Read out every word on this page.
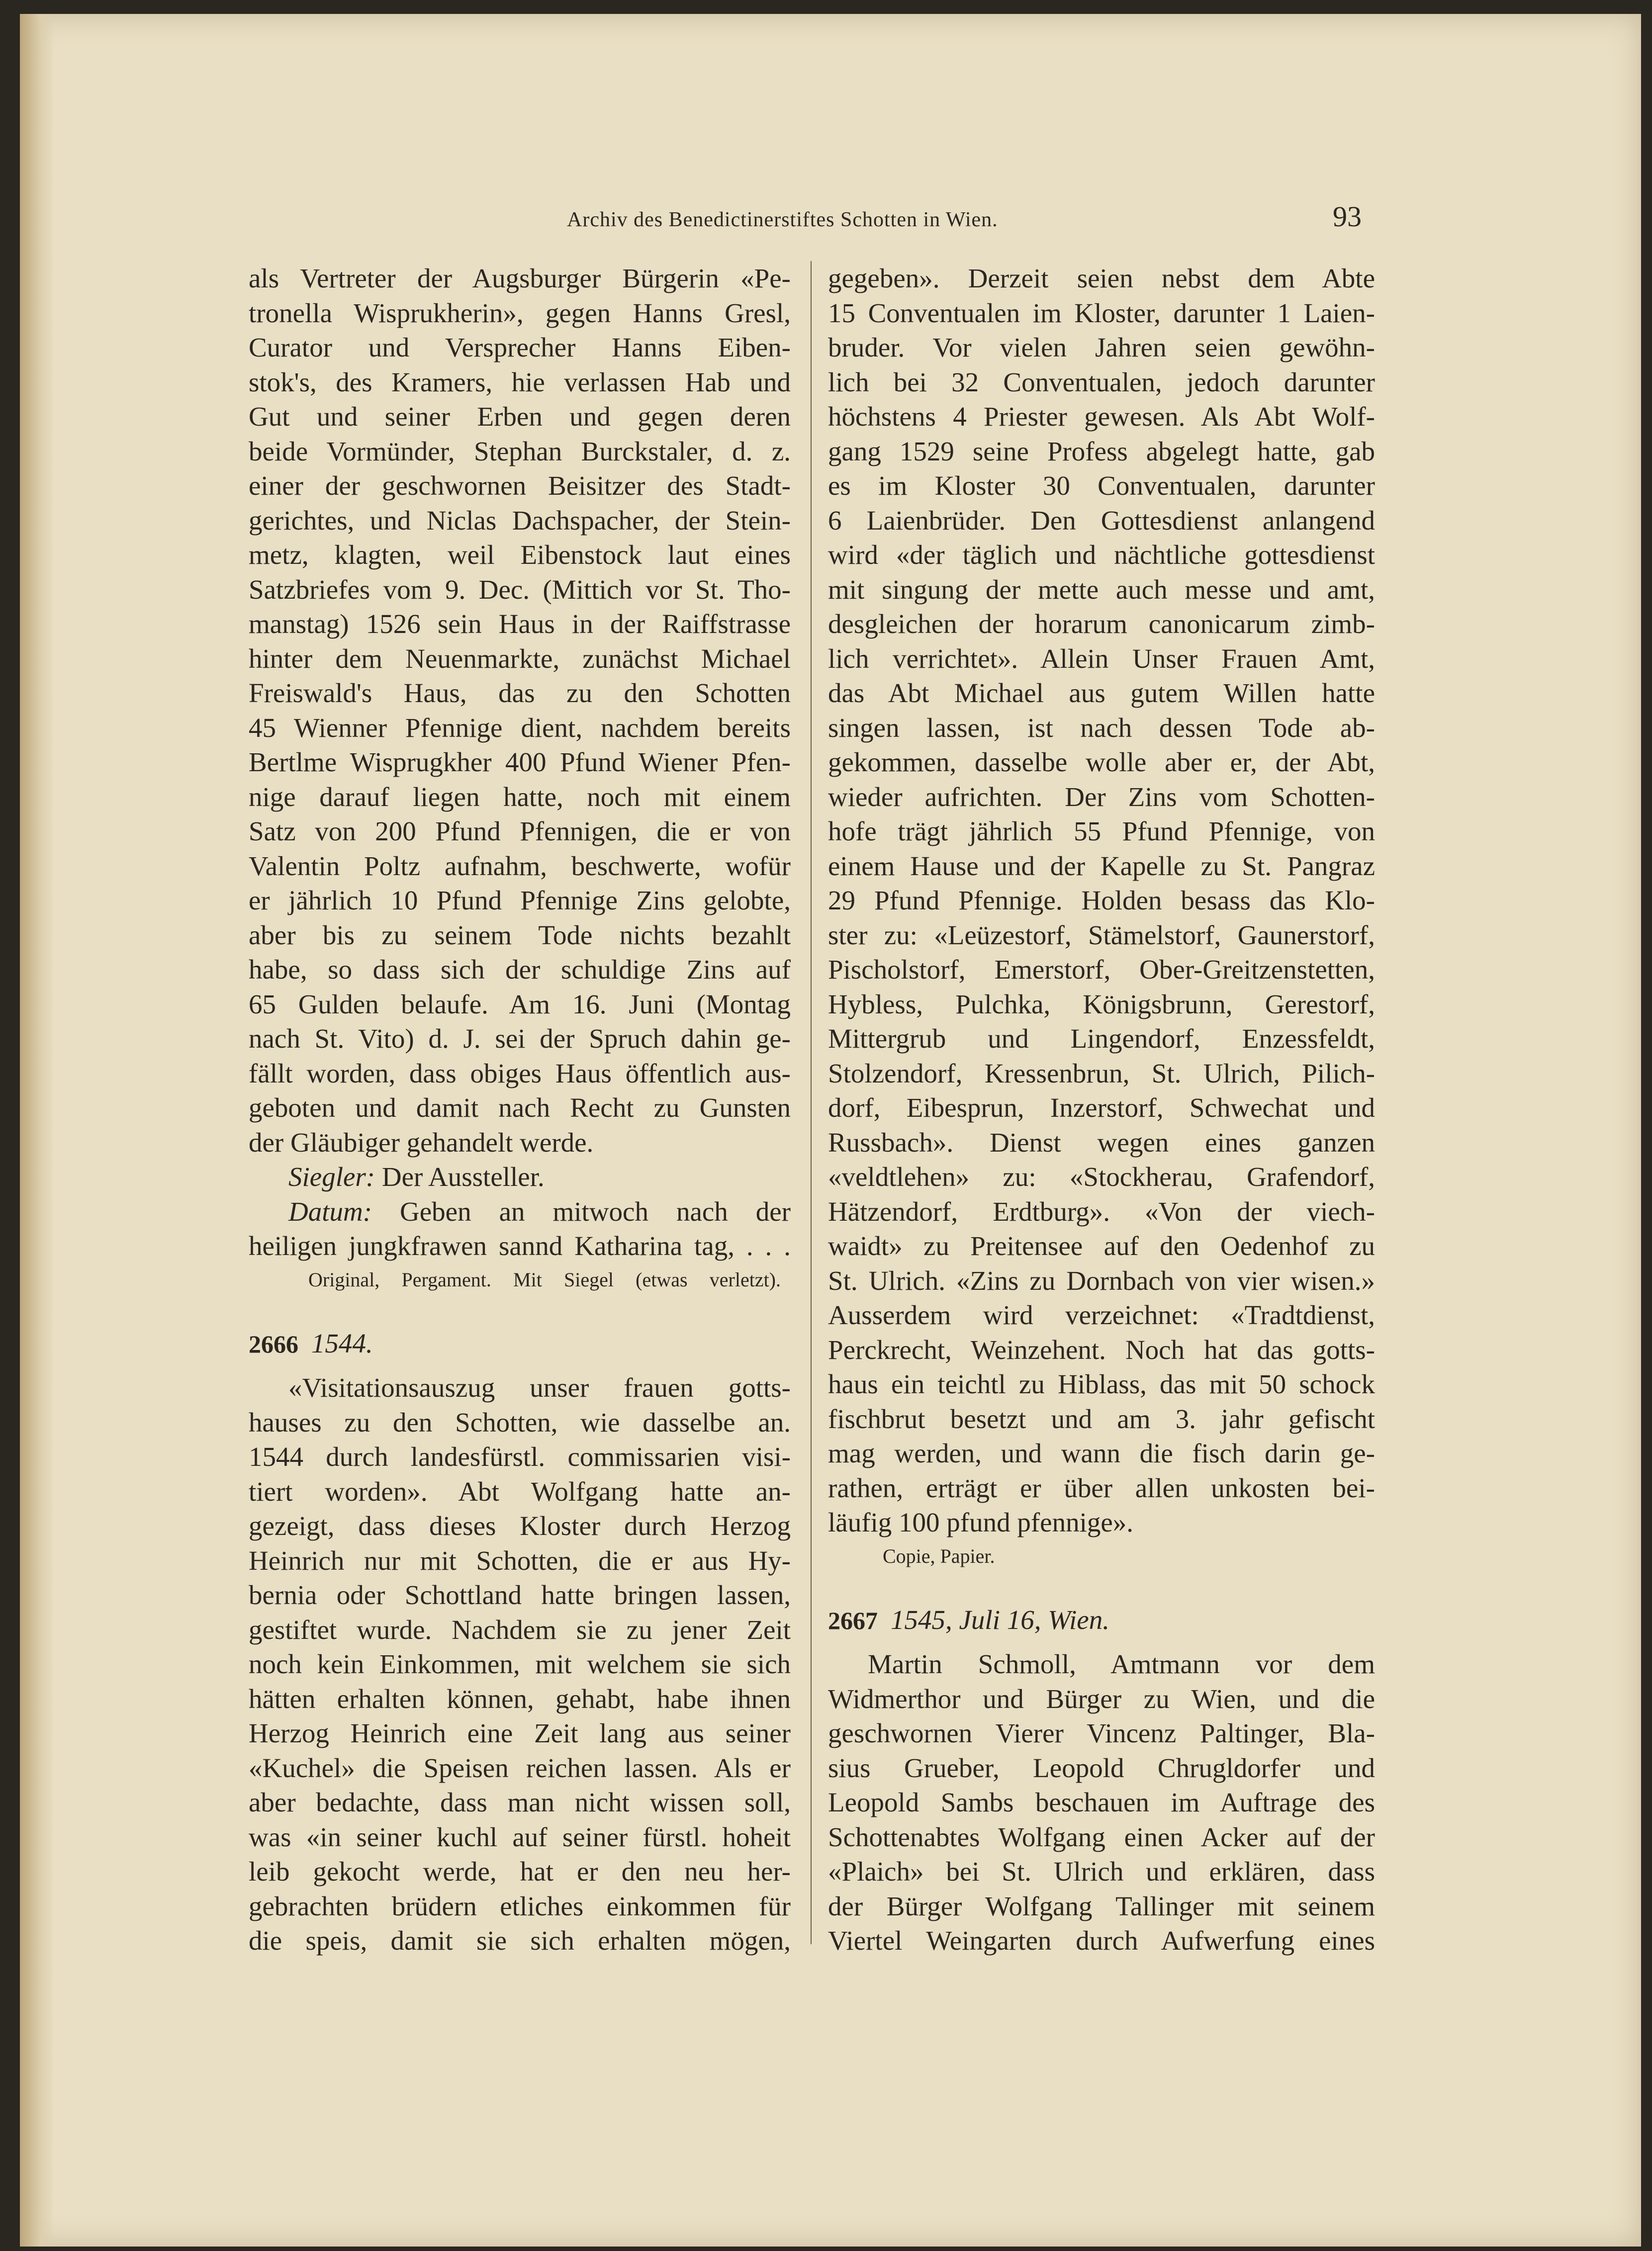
Archiv des Benedictinerstiftes Schotten in Wien.	93
als Vertreter der Augsburger Bürgerin «Pe-
tronella Wisprukherin», gegen Hanns Gresl,
Curator und Versprecher Hanns Eiben-
stok's, des Kramers, hie verlassen Hab und
Gut und seiner Erben und gegen deren
beide Vormünder, Stephan Burckstaler, d. z.
einer der geschwornen Beisitzer des Stadt-
gerichtes, und Niclas Dachspacher, der Stein-
metz, klagten, weil Eibenstock laut eines
Satzbriefes vom 9. Dec. (Mittich vor St. Tho-
manstag) 1526 sein Haus in der Raiffstrasse
hinter dem Neuenmarkte, zunächst Michael
Freiswald's Haus, das zu den Schotten
45 Wienner Pfennige dient, nachdem bereits
Bertlme Wisprugkher 400 Pfund Wiener Pfen-
nige darauf liegen hatte, noch mit einem
Satz von 200 Pfund Pfennigen, die er von
Valentin Poltz aufnahm, beschwerte, wofür
er jährlich 10 Pfund Pfennige Zins gelobte,
aber bis zu seinem Tode nichts bezahlt
habe, so dass sich der schuldige Zins auf
65 Gulden belaufe. Am 16. Juni (Montag
nach St. Vito) d. J. sei der Spruch dahin ge-
fällt worden, dass obiges Haus öffentlich aus-
geboten und damit nach Recht zu Gunsten
der Gläubiger gehandelt werde.
Siegler: Der Aussteller.
Datum: Geben an mitwoch nach der
heiligen jungkfrawen sannd Katharina tag, . . .
Original, Pergament. Mit Siegel (etwas verletzt).
2666 1544.
«Visitationsauszug unser frauen gotts-
hauses zu den Schotten, wie dasselbe an.
1544 durch landesfürstl. commissarien visi-
tiert worden». Abt Wolfgang hatte an-
gezeigt, dass dieses Kloster durch Herzog
Heinrich nur mit Schotten, die er aus Hy-
bernia oder Schottland hatte bringen lassen,
gestiftet wurde. Nachdem sie zu jener Zeit
noch kein Einkommen, mit welchem sie sich
hätten erhalten können, gehabt, habe ihnen
Herzog Heinrich eine Zeit lang aus seiner
«Kuchel» die Speisen reichen lassen. Als er
aber bedachte, dass man nicht wissen soll,
was «in seiner kuchl auf seiner fürstl. hoheit
leib gekocht werde, hat er den neu her-
gebrachten brüdern etliches einkommen für
die speis, damit sie sich erhalten mögen,
gegeben». Derzeit seien nebst dem Abte
15 Conventualen im Kloster, darunter 1 Laien-
bruder. Vor vielen Jahren seien gewöhn-
lich bei 32 Conventualen, jedoch darunter
höchstens 4 Priester gewesen. Als Abt Wolf-
gang 1529 seine Profess abgelegt hatte, gab
es im Kloster 30 Conventualen, darunter
6 Laienbrüder. Den Gottesdienst anlangend
wird «der täglich und nächtliche gottesdienst
mit singung der mette auch messe und amt,
desgleichen der horarum canonicarum zimb-
lich verrichtet». Allein Unser Frauen Amt,
das Abt Michael aus gutem Willen hatte
singen lassen, ist nach dessen Tode ab-
gekommen, dasselbe wolle aber er, der Abt,
wieder aufrichten. Der Zins vom Schotten-
hofe trägt jährlich 55 Pfund Pfennige, von
einem Hause und der Kapelle zu St. Pangraz
29 Pfund Pfennige. Holden besass das Klo-
ster zu: «Leüzestorf, Stämelstorf, Gaunerstorf,
Pischolstorf, Emerstorf, Ober-Greitzenstetten,
Hybless, Pulchka, Königsbrunn, Gerestorf,
Mittergrub und Lingendorf, Enzessfeldt,
Stolzendorf, Kressenbrun, St. Ulrich, Pilich-
dorf, Eibesprun, Inzerstorf, Schwechat und
Russbach». Dienst wegen eines ganzen
«veldtlehen» zu: «Stockherau, Grafendorf,
Hätzendorf, Erdtburg». «Von der viech-
waidt» zu Preitensee auf den Oedenhof zu
St. Ulrich. «Zins zu Dornbach von vier wisen.»
Ausserdem wird verzeichnet: «Tradtdienst,
Perckrecht, Weinzehent. Noch hat das gotts-
haus ein teichtl zu Hiblass, das mit 50 schock
fischbrut besetzt und am 3. jahr gefischt
mag werden, und wann die fisch darin ge-
rathen, erträgt er über allen unkosten bei-
läufig 100 pfund pfennige».
Copie, Papier.
2667 1545, Juli 16, Wien.
Martin Schmoll, Amtmann vor dem
Widmerthor und Bürger zu Wien, und die
geschwornen Vierer Vincenz Paltinger, Bla-
sius Grueber, Leopold Chrugldorfer und
Leopold Sambs beschauen im Auftrage des
Schottenabtes Wolfgang einen Acker auf der
«Plaich» bei St. Ulrich und erklären, dass
der Bürger Wolfgang Tallinger mit seinem
Viertel Weingarten durch Aufwerfung eines
